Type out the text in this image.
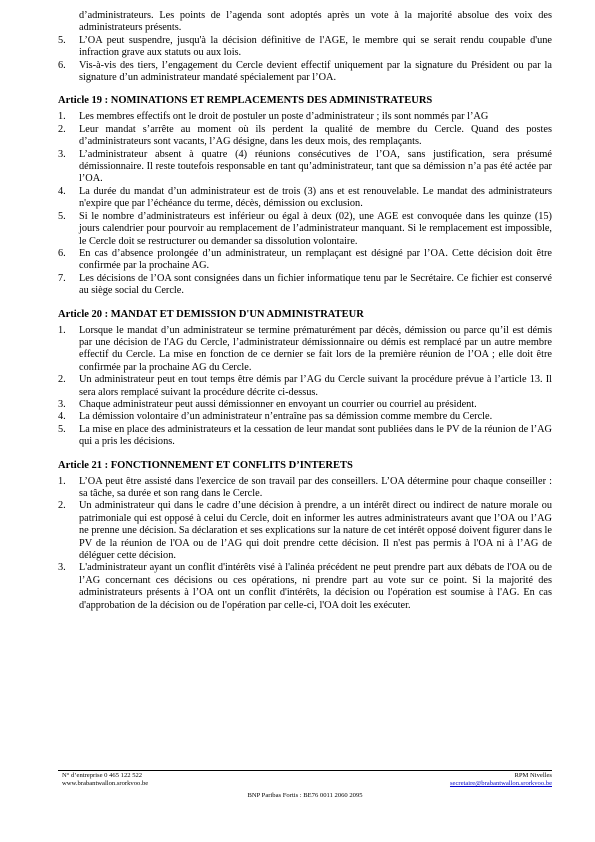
d’administrateurs. Les points de l’agenda sont adoptés après un vote à la majorité absolue des voix des administrateurs présents.

5. L’OA peut suspendre, jusqu'à la décision définitive de l'AGE, le membre qui se serait rendu coupable d'une infraction grave aux statuts ou aux lois.
6. Vis-à-vis des tiers, l’engagement du Cercle devient effectif uniquement par la signature du Président ou par la signature d’un administrateur mandaté spécialement par l’OA.
Article 19 : NOMINATIONS ET REMPLACEMENTS DES ADMINISTRATEURS
1. Les membres effectifs ont le droit de postuler un poste d’administrateur ; ils sont nommés par l’AG
2. Leur mandat s’arrête au moment où ils perdent la qualité de membre du Cercle. Quand des postes d’administrateurs sont vacants, l’AG désigne, dans les deux mois, des remplaçants.
3. L’administrateur absent à quatre (4) réunions consécutives de l’OA, sans justification, sera présumé démissionnaire. Il reste toutefois responsable en tant qu’administrateur, tant que sa démission n’a pas été actée par l’OA.
4. La durée du mandat d’un administrateur est de trois (3) ans et est renouvelable. Le mandat des administrateurs n'expire que par l’échéance du terme, décès, démission ou exclusion.
5. Si le nombre d’administrateurs est inférieur ou égal à deux (02), une AGE est convoquée dans les quinze (15) jours calendrier pour pourvoir au remplacement de l’administrateur manquant. Si le remplacement est impossible, le Cercle doit se restructurer ou demander sa dissolution volontaire.
6. En cas d’absence prolongée d’un administrateur, un remplaçant est désigné par l’OA. Cette décision doit être confirmée par la prochaine AG.
7. Les décisions de l’OA sont consignées dans un fichier informatique tenu par le Secrétaire. Ce fichier est conservé au siège social du Cercle.
Article 20 : MANDAT ET DEMISSION D'UN ADMINISTRATEUR
1. Lorsque le mandat d’un administrateur se termine prématurément par décès, démission ou parce qu’il est démis par une décision de l'AG du Cercle, l’administrateur démissionnaire ou démis est remplacé par un autre membre effectif du Cercle. La mise en fonction de ce dernier se fait lors de la première réunion de l’OA ; elle doit être confirmée par la prochaine AG du Cercle.
2. Un administrateur peut en tout temps être démis par l’AG du Cercle suivant la procédure prévue à l’article 13. Il sera alors remplacé suivant la procédure décrite ci-dessus.
3. Chaque administrateur peut aussi démissionner en envoyant un courrier ou courriel au président.
4. La démission volontaire d’un administrateur n’entraîne pas sa démission comme membre du Cercle.
5. La mise en place des administrateurs et la cessation de leur mandat sont publiées dans le PV de la réunion de l’AG qui a pris les décisions.
Article 21 : FONCTIONNEMENT ET CONFLITS D’INTERETS
1. L’OA peut être assisté dans l'exercice de son travail par des conseillers. L’OA détermine pour chaque conseiller : sa tâche, sa durée et son rang dans le Cercle.
2. Un administrateur qui dans le cadre d’une décision à prendre, a un intérêt direct ou indirect de nature morale ou patrimoniale qui est opposé à celui du Cercle, doit en informer les autres administrateurs avant que l’OA ou l’AG ne prenne une décision. Sa déclaration et ses explications sur la nature de cet intérêt opposé doivent figurer dans le PV de la réunion de l'OA ou de l’AG qui doit prendre cette décision. Il n'est pas permis à l'OA ni à l’AG de déléguer cette décision.
3. L'administrateur ayant un conflit d'intérêts visé à l'alinéa précédent ne peut prendre part aux débats de l'OA ou de l’AG concernant ces décisions ou ces opérations, ni prendre part au vote sur ce point. Si la majorité des administrateurs présents à l’OA ont un conflit d'intérêts, la décision ou l'opération est soumise à l'AG. En cas d'approbation de la décision ou de l'opération par celle-ci, l'OA doit les exécuter.
N° d’entreprise 0 465 122 522
www.brabantwallon.srorkvoo.be
RPM Nivelles
secretaire@brabantwallon.srorkvoo.be
BNP Paribas Fortis : BE76 0011 2060 2095
